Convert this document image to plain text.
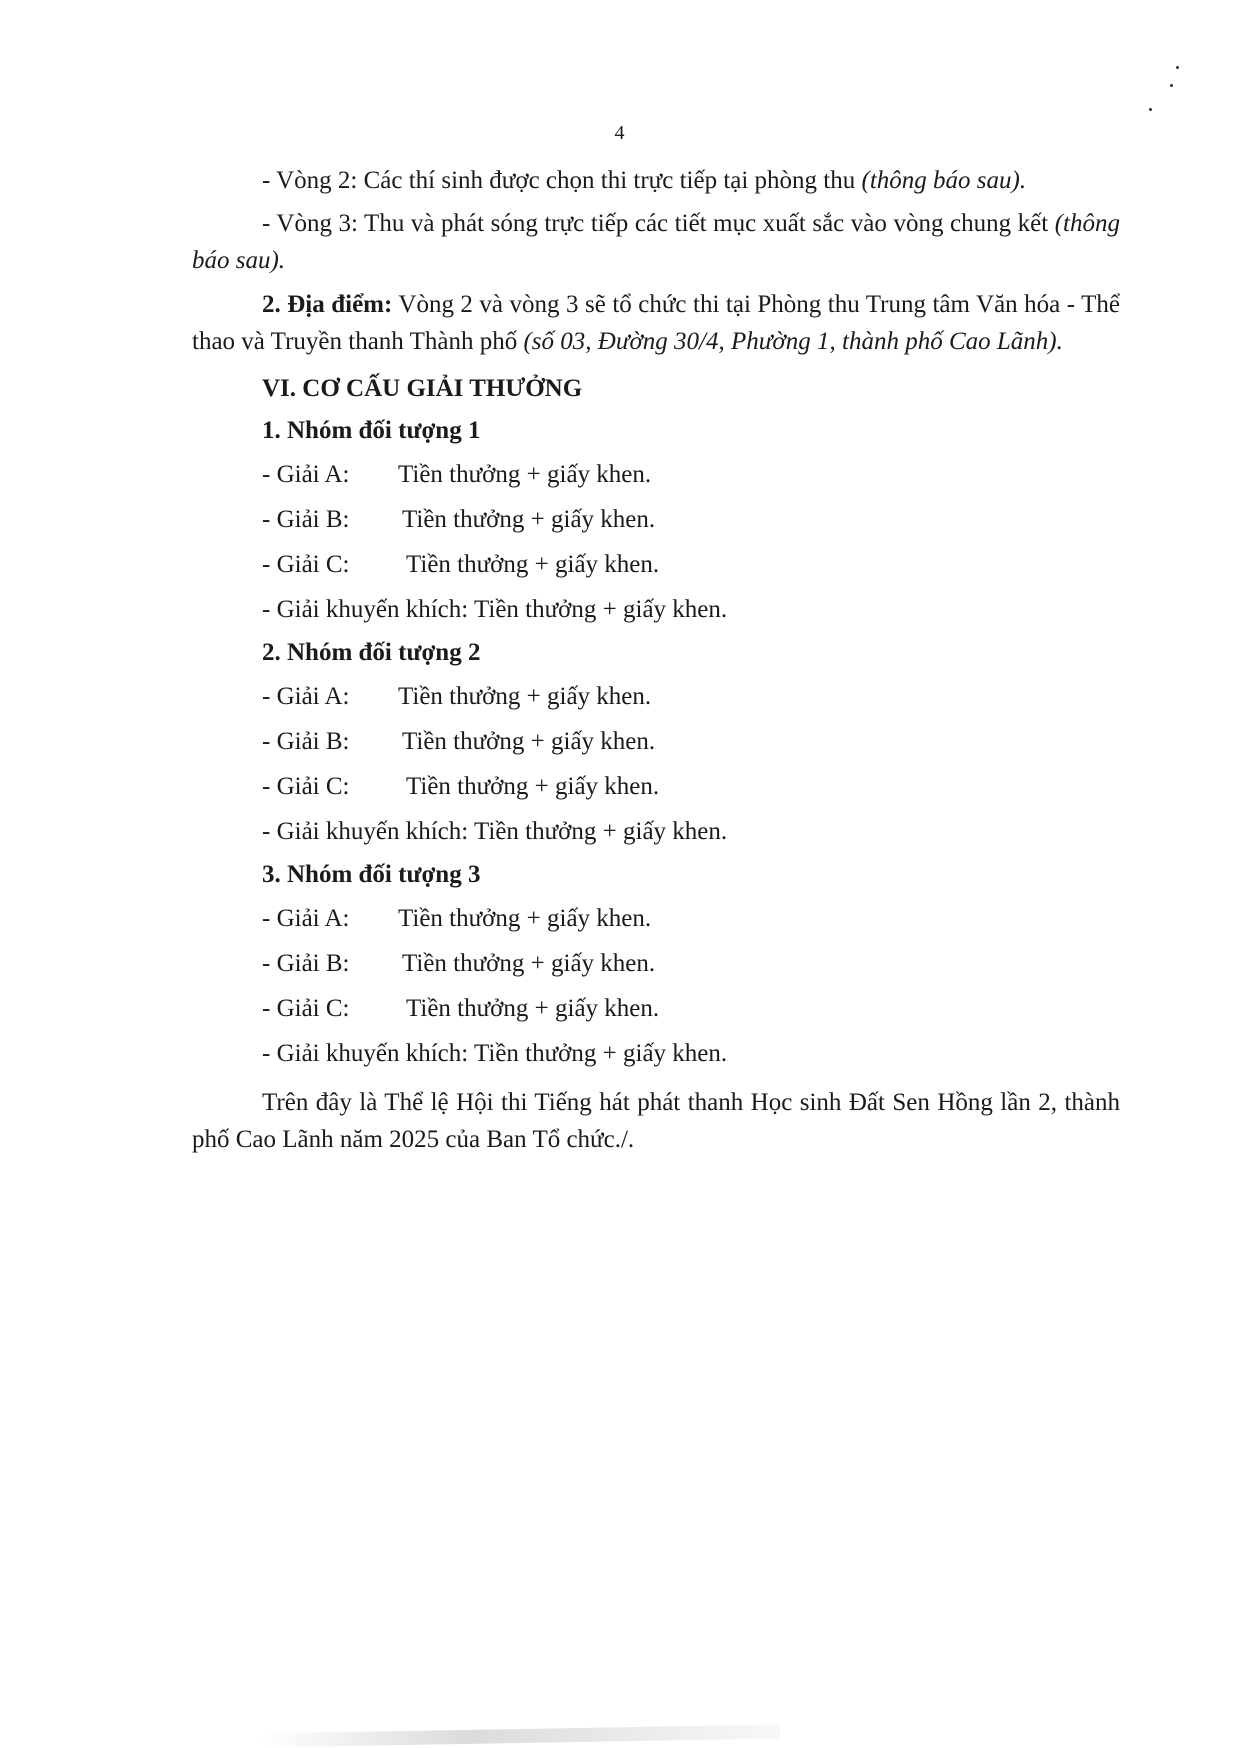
4

- Vòng 2: Các thí sinh được chọn thi trực tiếp tại phòng thu (thông báo sau).

- Vòng 3: Thu và phát sóng trực tiếp các tiết mục xuất sắc vào vòng chung kết (thông báo sau).

2. Địa điểm: Vòng 2 và vòng 3 sẽ tổ chức thi tại Phòng thu Trung tâm Văn hóa - Thể thao và Truyền thanh Thành phố (số 03, Đường 30/4, Phường 1, thành phố Cao Lãnh).

VI. CƠ CẤU GIẢI THƯỞNG

1. Nhóm đối tượng 1

- Giải A: Tiền thưởng + giấy khen.

- Giải B: Tiền thưởng + giấy khen.

- Giải C: Tiền thưởng + giấy khen.

- Giải khuyến khích: Tiền thưởng + giấy khen.

2. Nhóm đối tượng 2

- Giải A: Tiền thưởng + giấy khen.

- Giải B: Tiền thưởng + giấy khen.

- Giải C: Tiền thưởng + giấy khen.

- Giải khuyến khích: Tiền thưởng + giấy khen.

3. Nhóm đối tượng 3

- Giải A: Tiền thưởng + giấy khen.

- Giải B: Tiền thưởng + giấy khen.

- Giải C: Tiền thưởng + giấy khen.

- Giải khuyến khích: Tiền thưởng + giấy khen.

Trên đây là Thể lệ Hội thi Tiếng hát phát thanh Học sinh Đất Sen Hồng lần 2, thành phố Cao Lãnh năm 2025 của Ban Tổ chức./.
